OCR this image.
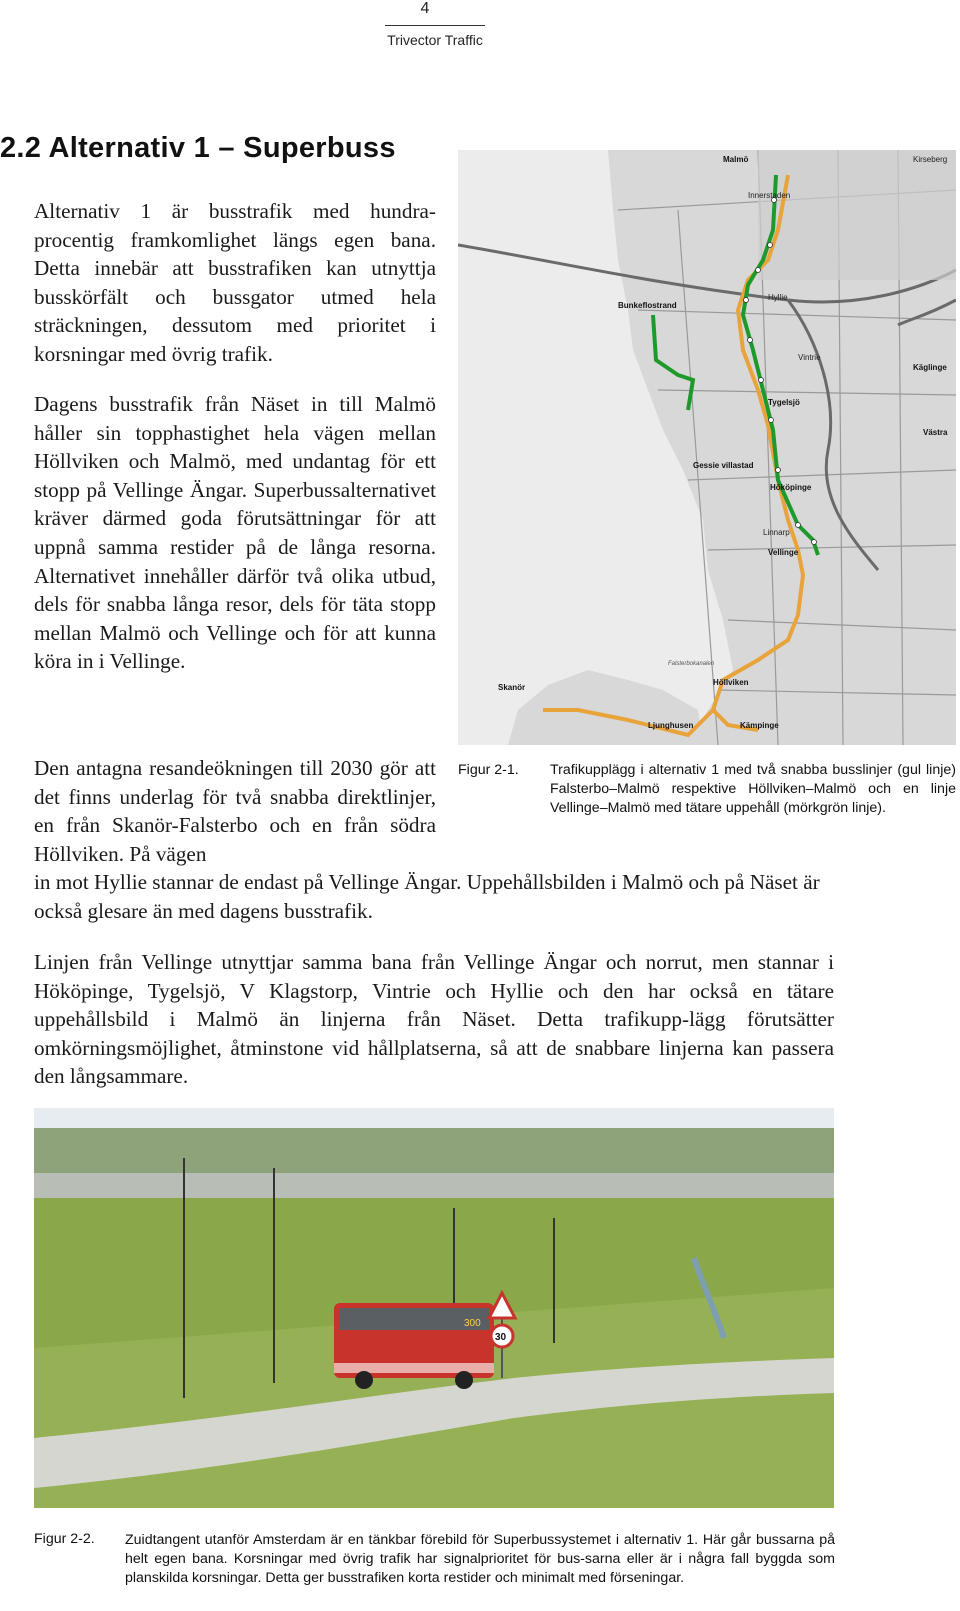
4
Trivector Traffic
2.2 Alternativ 1 – Superbuss

Alternativ 1 är busstrafik med hundra-procentig framkomlighet längs egen bana. Detta innebär att busstrafiken kan utnyttja busskörfält och bussgator utmed hela sträckningen, dessutom med prioritet i korsningar med övrig trafik.

Dagens busstrafik från Näset in till Malmö håller sin topphastighet hela vägen mellan Höllviken och Malmö, med undantag för ett stopp på Vellinge Ängar. Superbussalternativet kräver därmed goda förutsättningar för att uppnå samma restider på de långa resorna. Alternativet innehåller därför två olika utbud, dels för snabba långa resor, dels för täta stopp mellan Malmö och Vellinge och för att kunna köra in i Vellinge.

Den antagna resandeökningen till 2030 gör att det finns underlag för två snabba direktlinjer, en från Skanör-Falsterbo och en från södra Höllviken. På vägen

in mot Hyllie stannar de endast på Vellinge Ängar. Uppehållsbilden i Malmö och på Näset är också glesare än med dagens busstrafik.

Linjen från Vellinge utnyttjar samma bana från Vellinge Ängar och norrut, men stannar i Hököpinge, Tygelsjö, V Klagstorp, Vintrie och Hyllie och den har också en tätare uppehållsbild i Malmö än linjerna från Näset. Detta trafikupp-lägg förutsätter omkörningsmöjlighet, åtminstone vid hållplatserna, så att de snabbare linjerna kan passera den långsammare.

Malmö
Innerstaden
Kirseberg
Bunkeflostrand
Hyllie
Vintrie
Käglinge
Tygelsjö
Gessie villastad
Hököpinge
Linnarp
Vellinge
Västra
Höllviken
Skanör
Ljunghusen	Kämpinge
Falsterbokanalen
Figur 2-1. Trafikupplägg i alternativ 1 med två snabba busslinjer (gul linje) Falsterbo–Malmö respektive Höllviken–Malmö och en linje Vellinge–Malmö med tätare uppehåll (mörkgrön linje).
300
30
Figur 2-2. Zuidtangent utanför Amsterdam är en tänkbar förebild för Superbussystemet i alternativ 1. Här går bussarna på helt egen bana. Korsningar med övrig trafik har signalprioritet för bus-sarna eller är i några fall byggda som planskilda korsningar. Detta ger busstrafiken korta restider och minimalt med förseningar.
